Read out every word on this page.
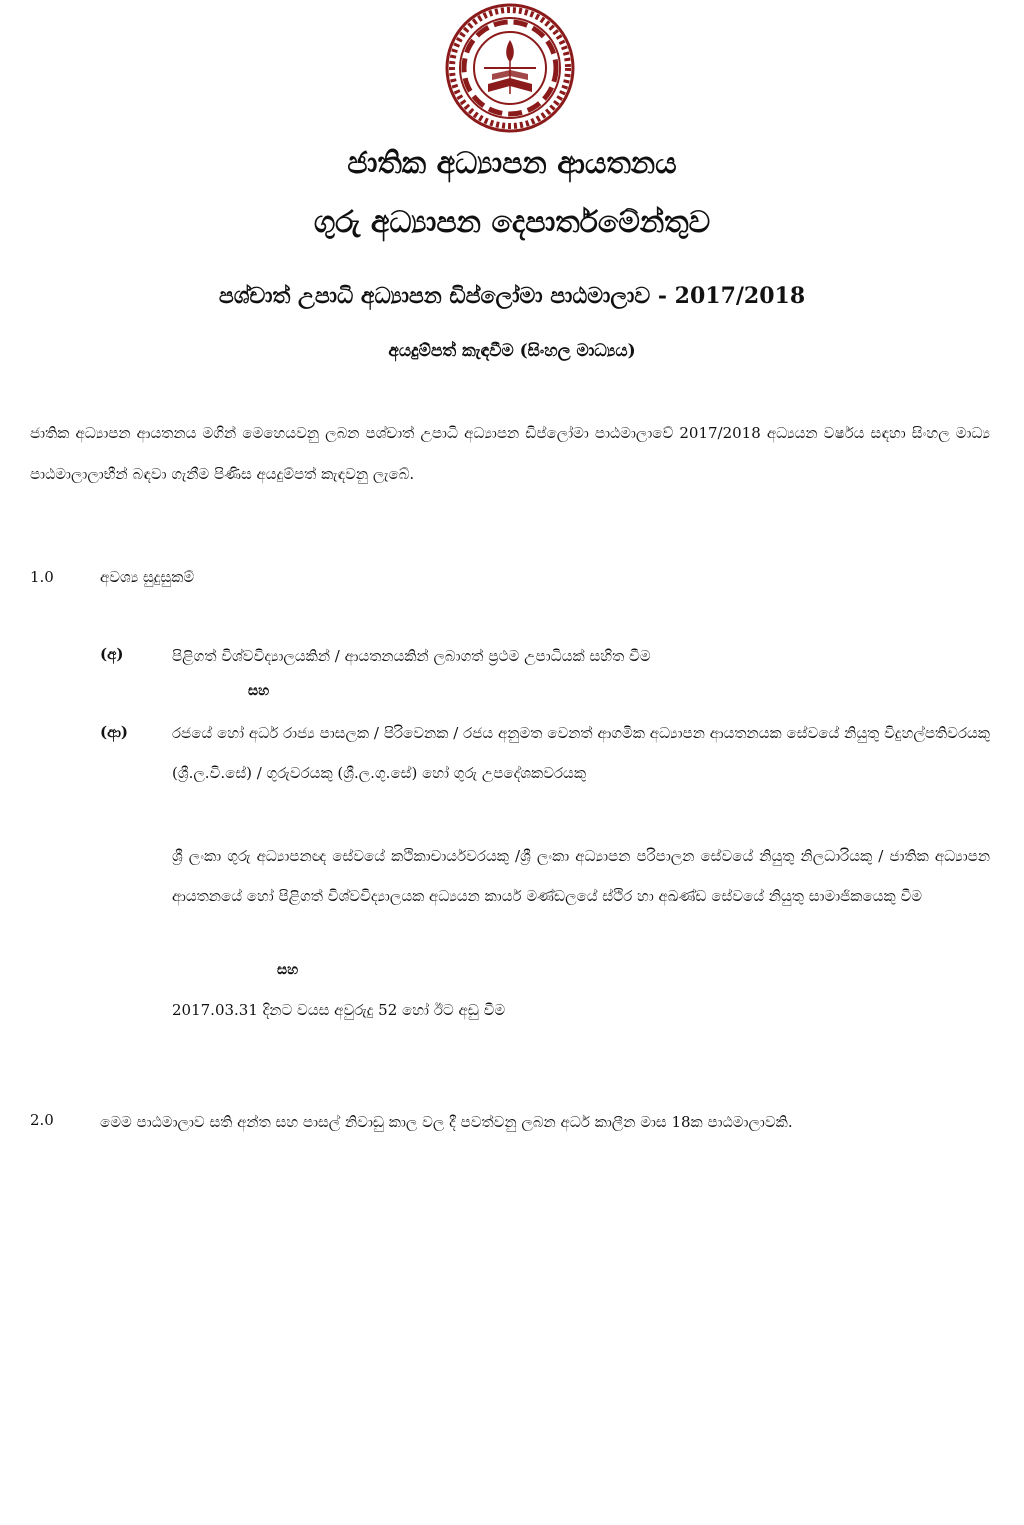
ජාතික අධ්‍යාපන ආයතනය
ගුරු අධ්‍යාපන දෙපාර්තමේන්තුව
පශ්චාත් උපාධි අධ්‍යාපන ඩිප්ලෝමා පාඨමාලාව - 2017/2018
අයදුම්පත් කැඳවීම (සිංහල මාධ්‍යය)
ජාතික අධ්‍යාපන ආයතනය මගින් මෙහෙයවනු ලබන පශ්චාත් උපාධි අධ්‍යාපන ඩිප්ලෝමා පාඨමාලාවේ 2017/2018 අධ්‍යයන වර්ෂය සඳහා සිංහල මාධ්‍ය පාඨමාලාලාභීන් බඳවා ගැනීම පිණිස අයදුම්පත් කැඳවනු ලැබේ.
1.0	අවශ්‍ය සුදුසුකම්
(අ)	පිළිගත් විශ්වවිද්‍යාලයකින් / ආයතනයකින් ලබාගත් ප්‍රථම උපාධියක් සහිත වීම
සහ
(ආ)	රජයේ හෝ අර්ධ රාජ්‍ය පාසලක / පිරිවෙනක / රජය අනුමත වෙනත් ආගමික අධ්‍යාපන ආයතනයක සේවයේ නියුතු විදුහල්පතිවරයකු (ශ්‍රී.ල.වි.සේ) / ගුරුවරයකු (ශ්‍රී.ල.ගු.සේ) හෝ ගුරු උපදේශකවරයකු
ශ්‍රී ලංකා ගුරු අධ්‍යාපනඥ සේවයේ කථිකාචාර්යවරයකු /ශ්‍රී ලංකා අධ්‍යාපන පරිපාලන සේවයේ නියුතු නිලධාරියකු / ජාතික අධ්‍යාපන ආයතනයේ හෝ පිළිගත් විශ්වවිද්‍යාලයක අධ්‍යයන කාර්ය මණ්ඩලයේ ස්ථිර හා අඛණ්ඩ සේවයේ නියුතු සාමාජිකයෙකු වීම
සහ
2017.03.31 දිනට වයස අවුරුදු 52 හෝ ඊට අඩු වීම
2.0	මෙම පාඨමාලාව සති අන්ත සහ පාසල් නිවාඩු කාල වල දී පවත්වනු ලබන අර්ධ කාලීන මාස 18ක පාඨමාලාවකි.
